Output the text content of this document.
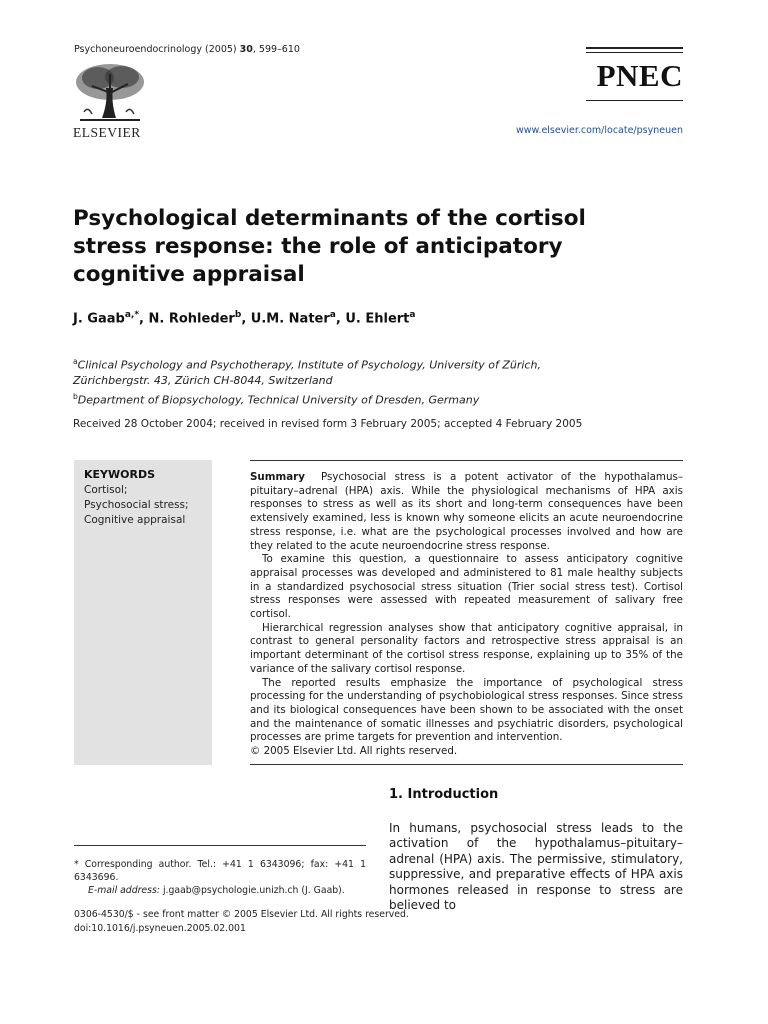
Psychoneuroendocrinology (2005) 30, 599–610
ELSEVIER
PNEC
www.elsevier.com/locate/psyneuen
Psychological determinants of the cortisol stress response: the role of anticipatory cognitive appraisal
J. Gaab$^{a,*}$, N. Rohleder$^b$, U.M. Nater$^a$, U. Ehlert$^a$
$^a$Clinical Psychology and Psychotherapy, Institute of Psychology, University of Zürich,
Zürichbergstr. 43, Zürich CH-8044, Switzerland
$^b$Department of Biopsychology, Technical University of Dresden, Germany
Received 28 October 2004; received in revised form 3 February 2005; accepted 4 February 2005
KEYWORDS
Cortisol;
Psychosocial stress;
Cognitive appraisal

Summary Psychosocial stress is a potent activator of the hypothalamus–pituitary–adrenal (HPA) axis. While the physiological mechanisms of HPA axis responses to stress as well as its short and long-term consequences have been extensively examined, less is known why someone elicits an acute neuroendocrine stress response, i.e. what are the psychological processes involved and how are they related to the acute neuroendocrine stress response.

To examine this question, a questionnaire to assess anticipatory cognitive appraisal processes was developed and administered to 81 male healthy subjects in a standardized psychosocial stress situation (Trier social stress test). Cortisol stress responses were assessed with repeated measurement of salivary free cortisol.

Hierarchical regression analyses show that anticipatory cognitive appraisal, in contrast to general personality factors and retrospective stress appraisal is an important determinant of the cortisol stress response, explaining up to 35% of the variance of the salivary cortisol response.

The reported results emphasize the importance of psychological stress processing for the understanding of psychobiological stress responses. Since stress and its biological consequences have been shown to be associated with the onset and the maintenance of somatic illnesses and psychiatric disorders, psychological processes are prime targets for prevention and intervention.

© 2005 Elsevier Ltd. All rights reserved.

1. Introduction
In humans, psychosocial stress leads to the activation of the hypothalamus–pituitary–adrenal (HPA) axis. The permissive, stimulatory, suppressive, and preparative effects of HPA axis hormones released in response to stress are believed to
* Corresponding author. Tel.: +41 1 6343096; fax: +41 1 6343696.
E-mail address: j.gaab@psychologie.unizh.ch (J. Gaab).
0306-4530/$ - see front matter © 2005 Elsevier Ltd. All rights reserved.
doi:10.1016/j.psyneuen.2005.02.001
